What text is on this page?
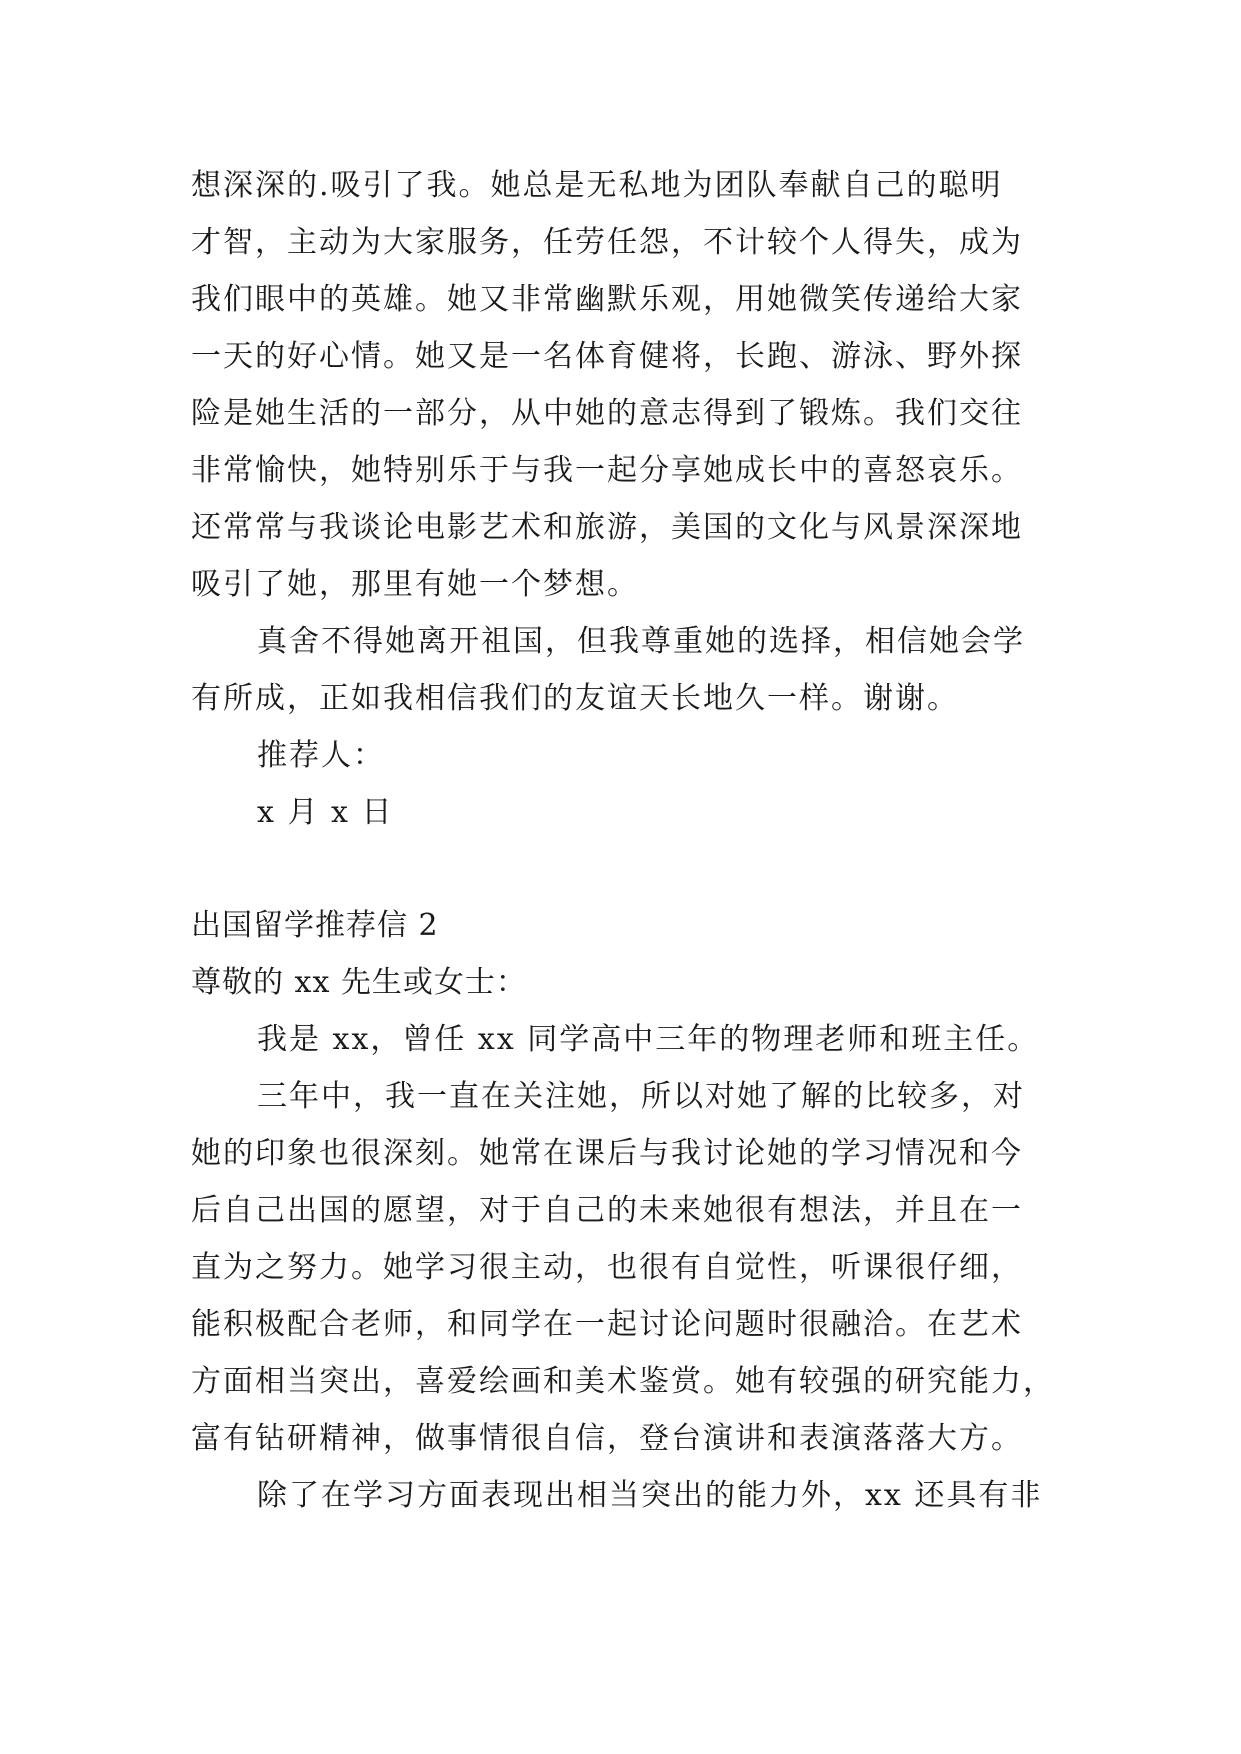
想深深的.吸引了我。她总是无私地为团队奉献自己的聪明
才智，主动为大家服务，任劳任怨，不计较个人得失，成为
我们眼中的英雄。她又非常幽默乐观，用她微笑传递给大家
一天的好心情。她又是一名体育健将，长跑、游泳、野外探
险是她生活的一部分，从中她的意志得到了锻炼。我们交往
非常愉快，她特别乐于与我一起分享她成长中的喜怒哀乐。
还常常与我谈论电影艺术和旅游，美国的文化与风景深深地
吸引了她，那里有她一个梦想。
真舍不得她离开祖国，但我尊重她的选择，相信她会学
有所成，正如我相信我们的友谊天长地久一样。谢谢。
推荐人：
x 月 x 日
出国留学推荐信 2
尊敬的 xx 先生或女士：
我是 xx，曾任 xx 同学高中三年的物理老师和班主任。
三年中，我一直在关注她，所以对她了解的比较多，对
她的印象也很深刻。她常在课后与我讨论她的学习情况和今
后自己出国的愿望，对于自己的未来她很有想法，并且在一
直为之努力。她学习很主动，也很有自觉性，听课很仔细，
能积极配合老师，和同学在一起讨论问题时很融洽。在艺术
方面相当突出，喜爱绘画和美术鉴赏。她有较强的研究能力，
富有钻研精神，做事情很自信，登台演讲和表演落落大方。
除了在学习方面表现出相当突出的能力外，xx 还具有非
